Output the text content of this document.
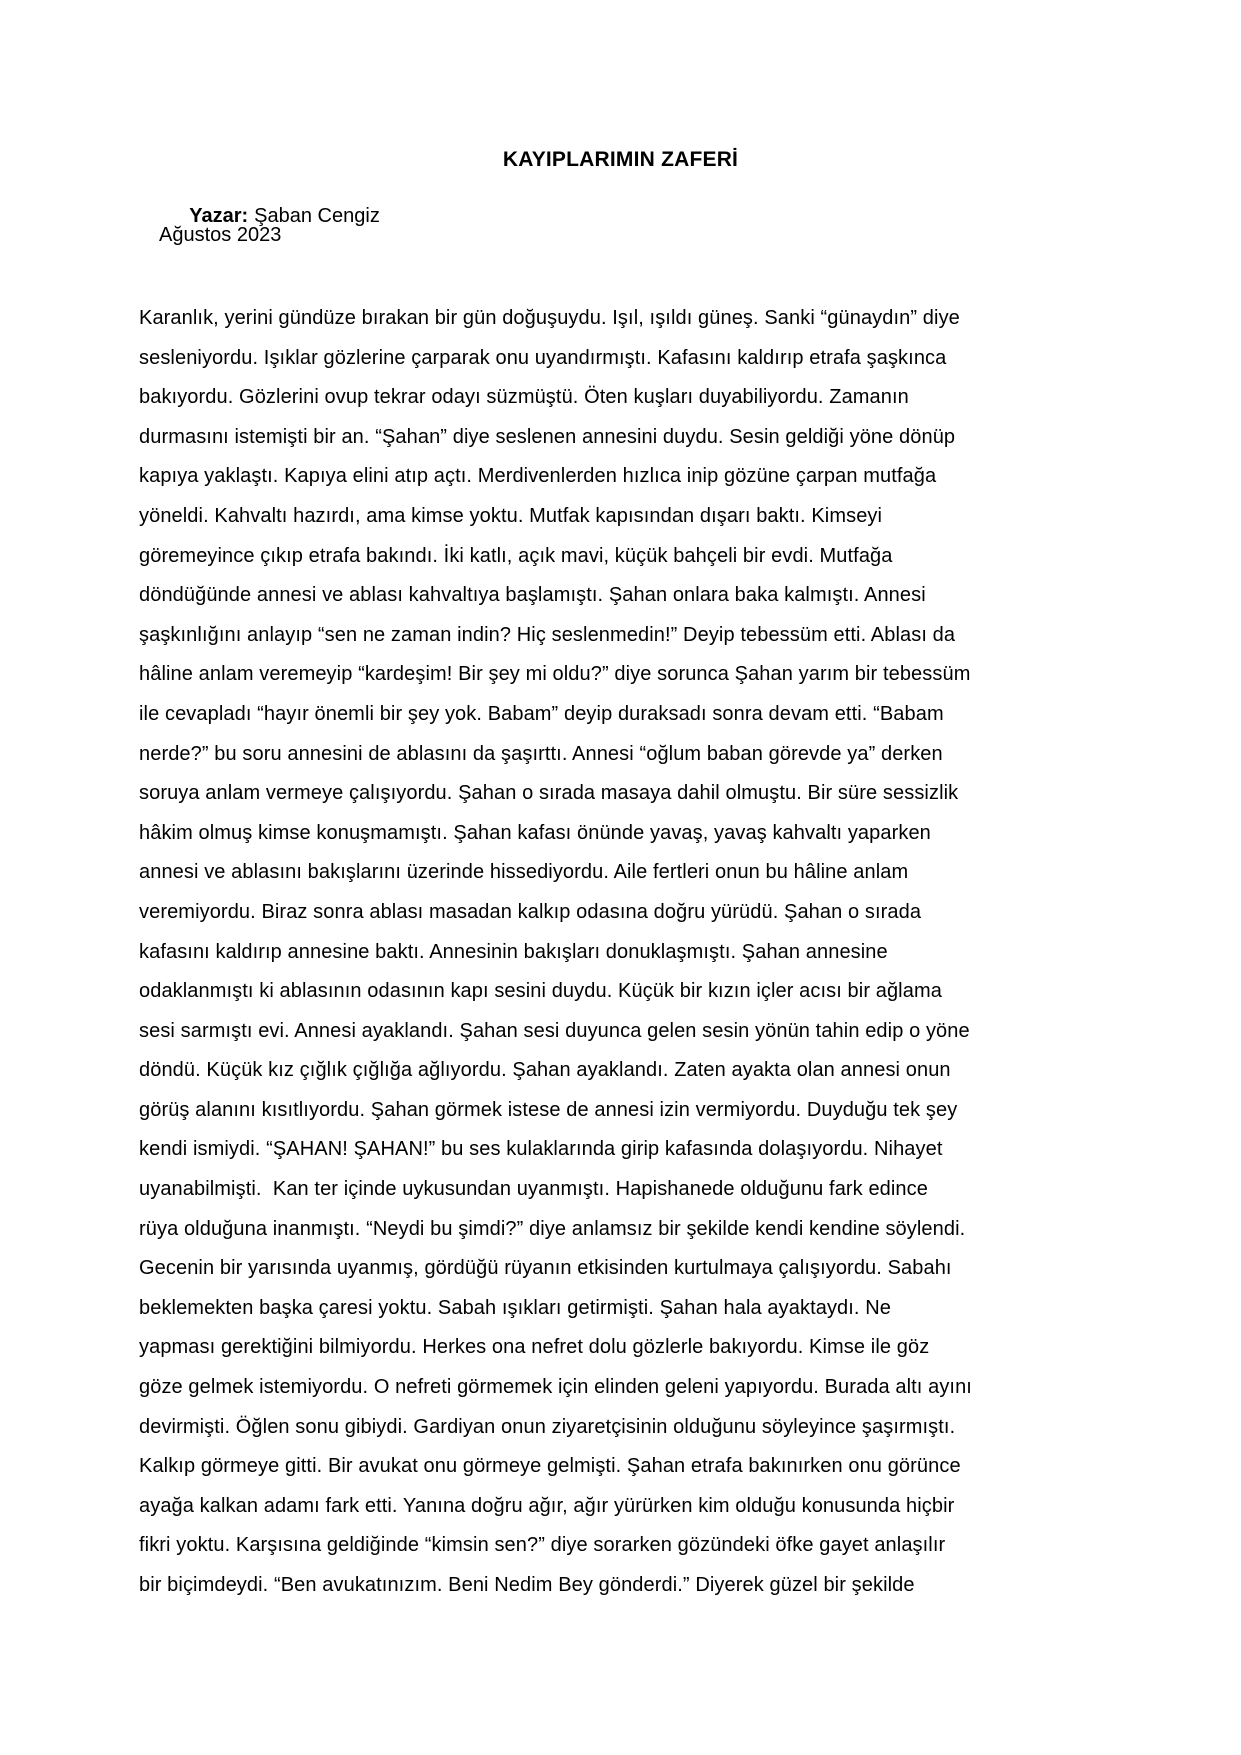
KAYIPLARIMIN ZAFERİ

Yazar: Şaban Cengiz

Ağustos 2023
Karanlık, yerini gündüze bırakan bir gün doğuşuydu. Işıl, ışıldı güneş. Sanki “günaydın” diye
sesleniyordu. Işıklar gözlerine çarparak onu uyandırmıştı. Kafasını kaldırıp etrafa şaşkınca
bakıyordu. Gözlerini ovup tekrar odayı süzmüştü. Öten kuşları duyabiliyordu. Zamanın
durmasını istemişti bir an. “Şahan” diye seslenen annesini duydu. Sesin geldiği yöne dönüp
kapıya yaklaştı. Kapıya elini atıp açtı. Merdivenlerden hızlıca inip gözüne çarpan mutfağa
yöneldi. Kahvaltı hazırdı, ama kimse yoktu. Mutfak kapısından dışarı baktı. Kimseyi
göremeyince çıkıp etrafa bakındı. İki katlı, açık mavi, küçük bahçeli bir evdi. Mutfağa
döndüğünde annesi ve ablası kahvaltıya başlamıştı. Şahan onlara baka kalmıştı. Annesi
şaşkınlığını anlayıp “sen ne zaman indin? Hiç seslenmedin!” Deyip tebessüm etti. Ablası da
hâline anlam veremeyip “kardeşim! Bir şey mi oldu?” diye sorunca Şahan yarım bir tebessüm
ile cevapladı “hayır önemli bir şey yok. Babam” deyip duraksadı sonra devam etti. “Babam
nerde?” bu soru annesini de ablasını da şaşırttı. Annesi “oğlum baban görevde ya” derken
soruya anlam vermeye çalışıyordu. Şahan o sırada masaya dahil olmuştu. Bir süre sessizlik
hâkim olmuş kimse konuşmamıştı. Şahan kafası önünde yavaş, yavaş kahvaltı yaparken
annesi ve ablasını bakışlarını üzerinde hissediyordu. Aile fertleri onun bu hâline anlam
veremiyordu. Biraz sonra ablası masadan kalkıp odasına doğru yürüdü. Şahan o sırada
kafasını kaldırıp annesine baktı. Annesinin bakışları donuklaşmıştı. Şahan annesine
odaklanmıştı ki ablasının odasının kapı sesini duydu. Küçük bir kızın içler acısı bir ağlama
sesi sarmıştı evi. Annesi ayaklandı. Şahan sesi duyunca gelen sesin yönün tahin edip o yöne
döndü. Küçük kız çığlık çığlığa ağlıyordu. Şahan ayaklandı. Zaten ayakta olan annesi onun
görüş alanını kısıtlıyordu. Şahan görmek istese de annesi izin vermiyordu. Duyduğu tek şey
kendi ismiydi. “ŞAHAN! ŞAHAN!” bu ses kulaklarında girip kafasında dolaşıyordu. Nihayet
uyanabilmişti.  Kan ter içinde uykusundan uyanmıştı. Hapishanede olduğunu fark edince
rüya olduğuna inanmıştı. “Neydi bu şimdi?” diye anlamsız bir şekilde kendi kendine söylendi.
Gecenin bir yarısında uyanmış, gördüğü rüyanın etkisinden kurtulmaya çalışıyordu. Sabahı
beklemekten başka çaresi yoktu. Sabah ışıkları getirmişti. Şahan hala ayaktaydı. Ne
yapması gerektiğini bilmiyordu. Herkes ona nefret dolu gözlerle bakıyordu. Kimse ile göz
göze gelmek istemiyordu. O nefreti görmemek için elinden geleni yapıyordu. Burada altı ayını
devirmişti. Öğlen sonu gibiydi. Gardiyan onun ziyaretçisinin olduğunu söyleyince şaşırmıştı.
Kalkıp görmeye gitti. Bir avukat onu görmeye gelmişti. Şahan etrafa bakınırken onu görünce
ayağa kalkan adamı fark etti. Yanına doğru ağır, ağır yürürken kim olduğu konusunda hiçbir
fikri yoktu. Karşısına geldiğinde “kimsin sen?” diye sorarken gözündeki öfke gayet anlaşılır
bir biçimdeydi. “Ben avukatınızım. Beni Nedim Bey gönderdi.” Diyerek güzel bir şekilde
